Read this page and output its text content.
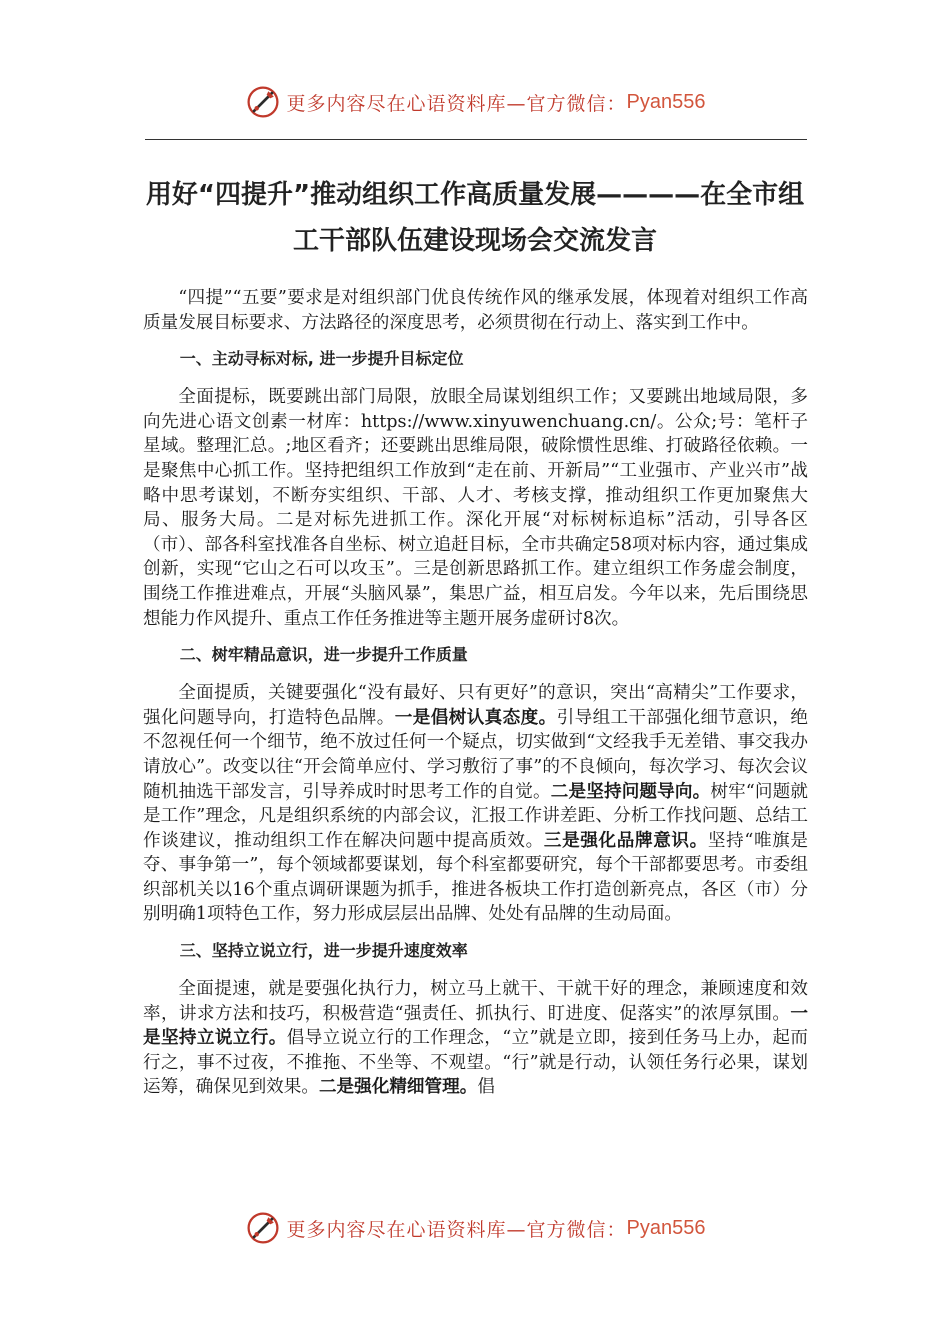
更多内容尽在心语资料库—官方微信： Pyan556
用好“四提升”推动组织工作高质量发展————在全市组工干部队伍建设现场会交流发言

“四提”“五要”要求是对组织部门优良传统作风的继承发展，体现着对组织工作高质量发展目标要求、方法路径的深度思考，必须贯彻在行动上、落实到工作中。

一、主动寻标对标, 进一步提升目标定位

全面提标，既要跳出部门局限，放眼全局谋划组织工作；又要跳出地域局限，多向先进心语文创素一材库：https://www.xinyuwenchuang.cn/。公众;号：笔杆子星域。整理汇总。;地区看齐；还要跳出思维局限，破除惯性思维、打破路径依赖。一是聚焦中心抓工作。坚持把组织工作放到“走在前、开新局”“工业强市、产业兴市”战略中思考谋划，不断夯实组织、干部、人才、考核支撑，推动组织工作更加聚焦大局、服务大局。二是对标先进抓工作。深化开展“对标树标追标”活动，引导各区（市）、部各科室找准各自坐标、树立追赶目标，全市共确定58项对标内容，通过集成创新，实现“它山之石可以攻玉”。三是创新思路抓工作。建立组织工作务虚会制度，围绕工作推进难点，开展“头脑风暴”，集思广益，相互启发。今年以来，先后围绕思想能力作风提升、重点工作任务推进等主题开展务虚研讨8次。

二、树牢精品意识，进一步提升工作质量

全面提质，关键要强化“没有最好、只有更好”的意识，突出“高精尖”工作要求，强化问题导向，打造特色品牌。一是倡树认真态度。引导组工干部强化细节意识，绝不忽视任何一个细节，绝不放过任何一个疑点，切实做到“文经我手无差错、事交我办请放心”。改变以往“开会简单应付、学习敷衍了事”的不良倾向，每次学习、每次会议随机抽选干部发言，引导养成时时思考工作的自觉。二是坚持问题导向。树牢“问题就是工作”理念，凡是组织系统的内部会议，汇报工作讲差距、分析工作找问题、总结工作谈建议，推动组织工作在解决问题中提高质效。三是强化品牌意识。坚持“唯旗是夺、事争第一”，每个领域都要谋划，每个科室都要研究，每个干部都要思考。市委组织部机关以16个重点调研课题为抓手，推进各板块工作打造创新亮点，各区（市）分别明确1项特色工作，努力形成层层出品牌、处处有品牌的生动局面。

三、坚持立说立行，进一步提升速度效率

全面提速，就是要强化执行力，树立马上就干、干就干好的理念，兼顾速度和效率，讲求方法和技巧，积极营造“强责任、抓执行、盯进度、促落实”的浓厚氛围。一是坚持立说立行。倡导立说立行的工作理念，“立”就是立即，接到任务马上办，起而行之，事不过夜，不推拖、不坐等、不观望。“行”就是行动，认领任务行必果，谋划运筹，确保见到效果。二是强化精细管理。倡

更多内容尽在心语资料库—官方微信： Pyan556
